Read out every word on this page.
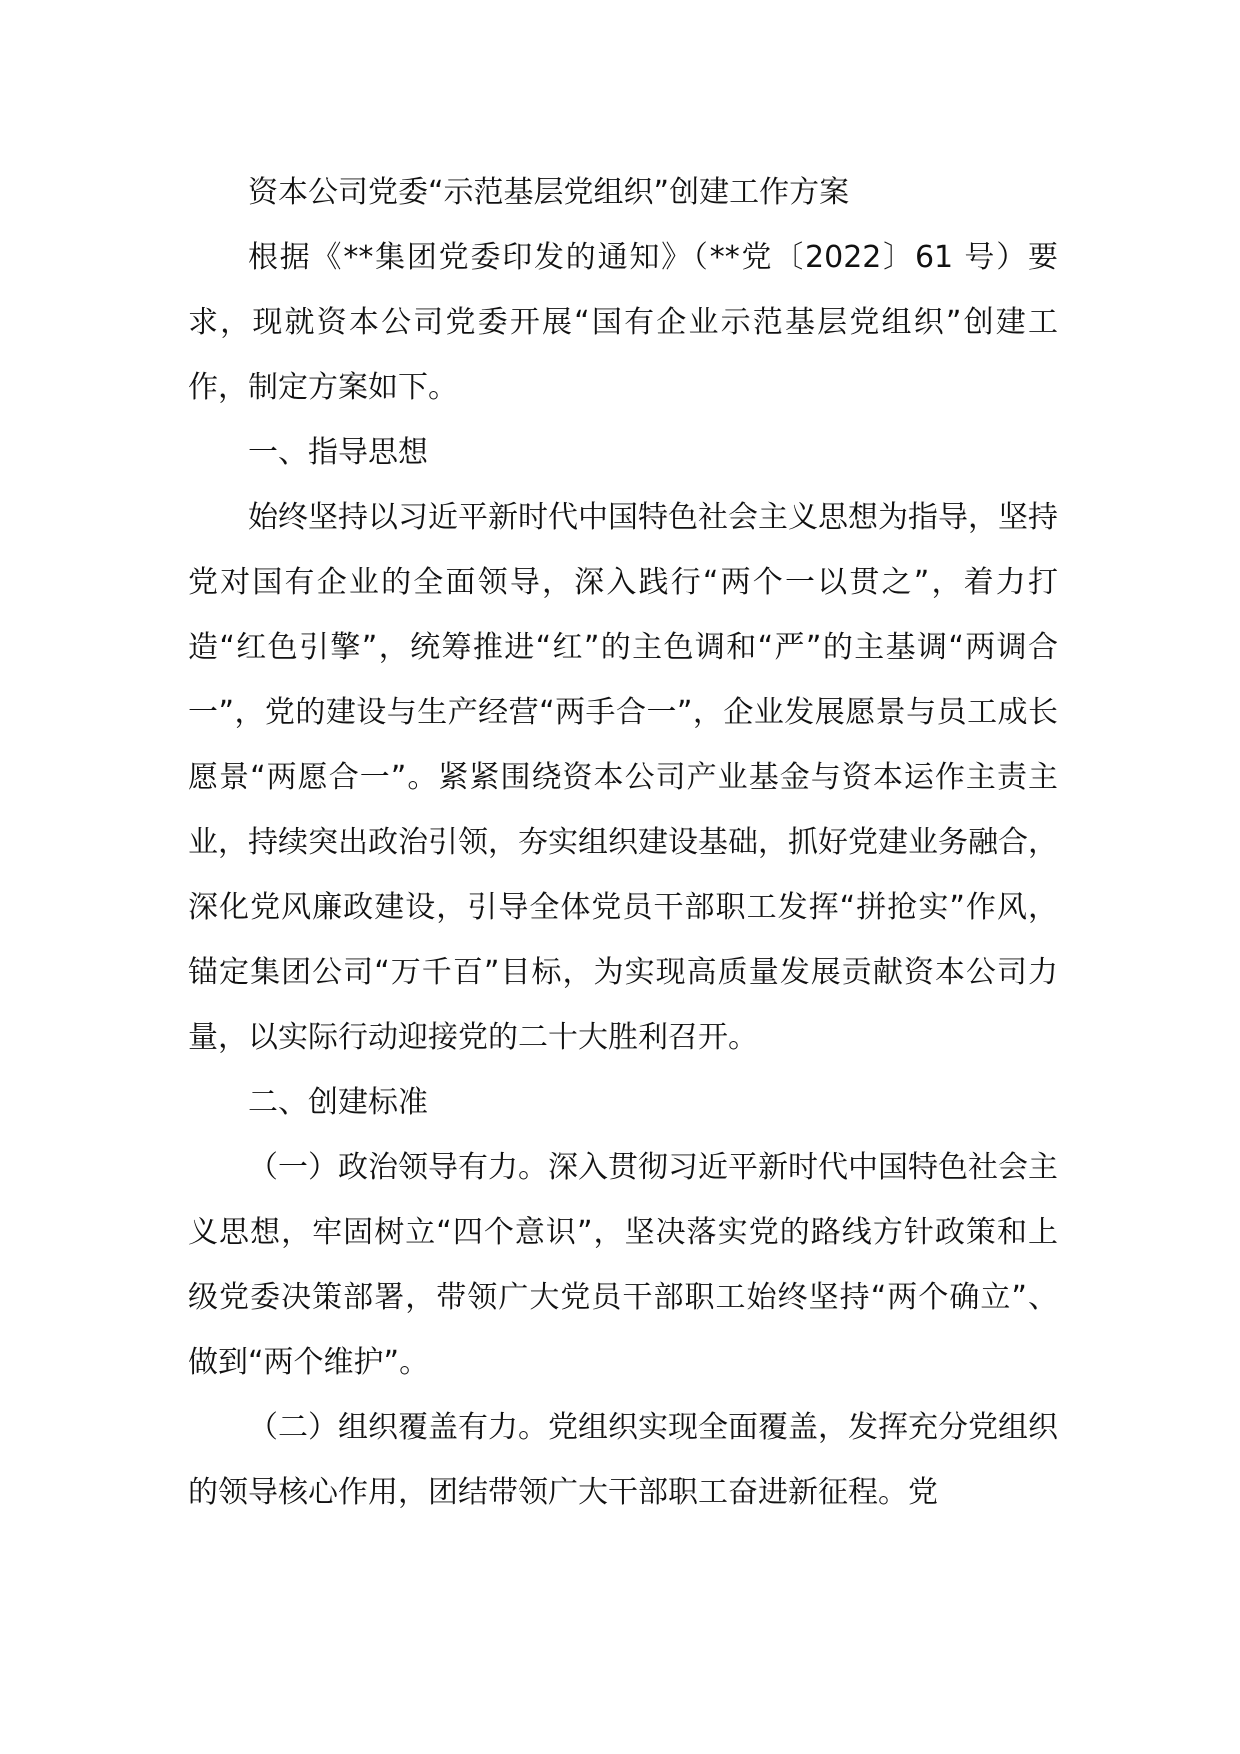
资本公司党委“示范基层党组织”创建工作方案

根据《**集团党委印发的通知》（**党〔2022〕61 号）要求，现就资本公司党委开展“国有企业示范基层党组织”创建工作，制定方案如下。

一、指导思想

始终坚持以习近平新时代中国特色社会主义思想为指导，坚持党对国有企业的全面领导，深入践行“两个一以贯之”，着力打造“红色引擎”，统筹推进“红”的主色调和“严”的主基调“两调合一”，党的建设与生产经营“两手合一”，企业发展愿景与员工成长愿景“两愿合一”。紧紧围绕资本公司产业基金与资本运作主责主业，持续突出政治引领，夯实组织建设基础，抓好党建业务融合，深化党风廉政建设，引导全体党员干部职工发挥“拼抢实”作风，锚定集团公司“万千百”目标，为实现高质量发展贡献资本公司力量，以实际行动迎接党的二十大胜利召开。

二、创建标准

（一）政治领导有力。深入贯彻习近平新时代中国特色社会主义思想，牢固树立“四个意识”，坚决落实党的路线方针政策和上级党委决策部署，带领广大党员干部职工始终坚持“两个确立”、做到“两个维护”。

（二）组织覆盖有力。党组织实现全面覆盖，发挥充分党组织的领导核心作用，团结带领广大干部职工奋进新征程。党
